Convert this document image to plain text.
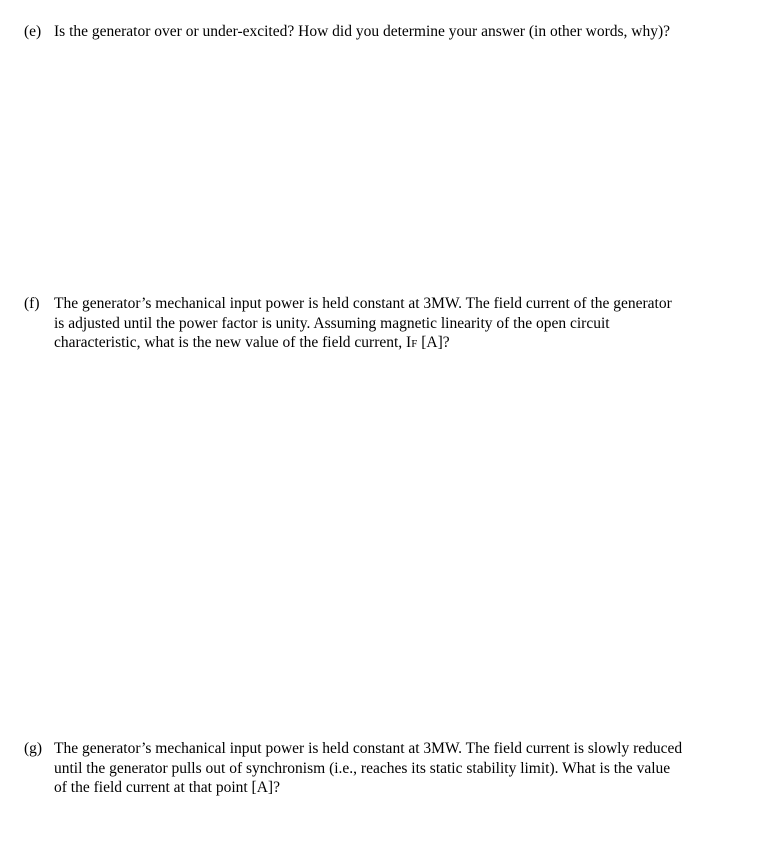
(e) Is the generator over or under-excited? How did you determine your answer (in other words, why)?
(f) The generator’s mechanical input power is held constant at 3MW. The field current of the generator
is adjusted until the power factor is unity. Assuming magnetic linearity of the open circuit
characteristic, what is the new value of the field current, IF [A]?
(g) The generator’s mechanical input power is held constant at 3MW. The field current is slowly reduced
until the generator pulls out of synchronism (i.e., reaches its static stability limit). What is the value
of the field current at that point [A]?
